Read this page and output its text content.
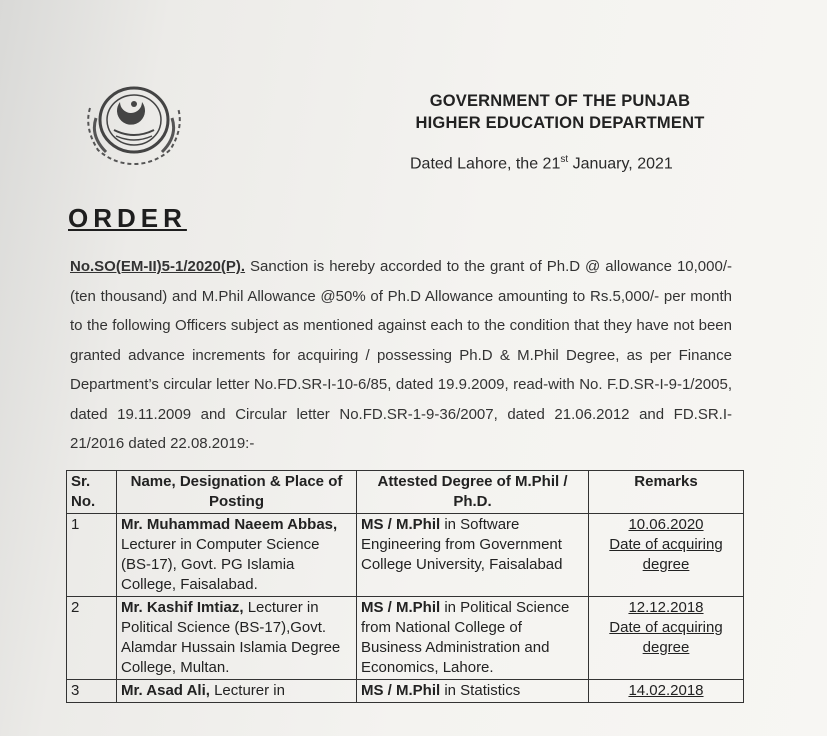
GOVERNMENT OF THE PUNJAB
HIGHER EDUCATION DEPARTMENT
Dated Lahore, the 21st January, 2021
ORDER
No.SO(EM-II)5-1/2020(P). Sanction is hereby accorded to the grant of Ph.D @ allowance 10,000/- (ten thousand) and M.Phil Allowance @50% of Ph.D Allowance amounting to Rs.5,000/- per month to the following Officers subject as mentioned against each to the condition that they have not been granted advance increments for acquiring / possessing Ph.D & M.Phil Degree, as per Finance Department’s circular letter No.FD.SR-I-10-6/85, dated 19.9.2009, read-with No. F.D.SR-I-9-1/2005, dated 19.11.2009 and Circular letter No.FD.SR-1-9-36/2007, dated 21.06.2012 and FD.SR.I-21/2016 dated 22.08.2019:-
Sr. No.	Name, Designation & Place of Posting	Attested Degree of M.Phil / Ph.D.	Remarks
1	Mr. Muhammad Naeem Abbas, Lecturer in Computer Science (BS-17), Govt. PG Islamia College, Faisalabad.	MS / M.Phil in Software Engineering from Government College University, Faisalabad	10.06.2020
Date of acquiring degree

2	Mr. Kashif Imtiaz, Lecturer in Political Science (BS-17),Govt. Alamdar Hussain Islamia Degree College, Multan.	MS / M.Phil in Political Science from National College of Business Administration and Economics, Lahore.	12.12.2018
Date of acquiring degree

3	Mr. Asad Ali, Lecturer in	MS / M.Phil in Statistics	14.02.2018
